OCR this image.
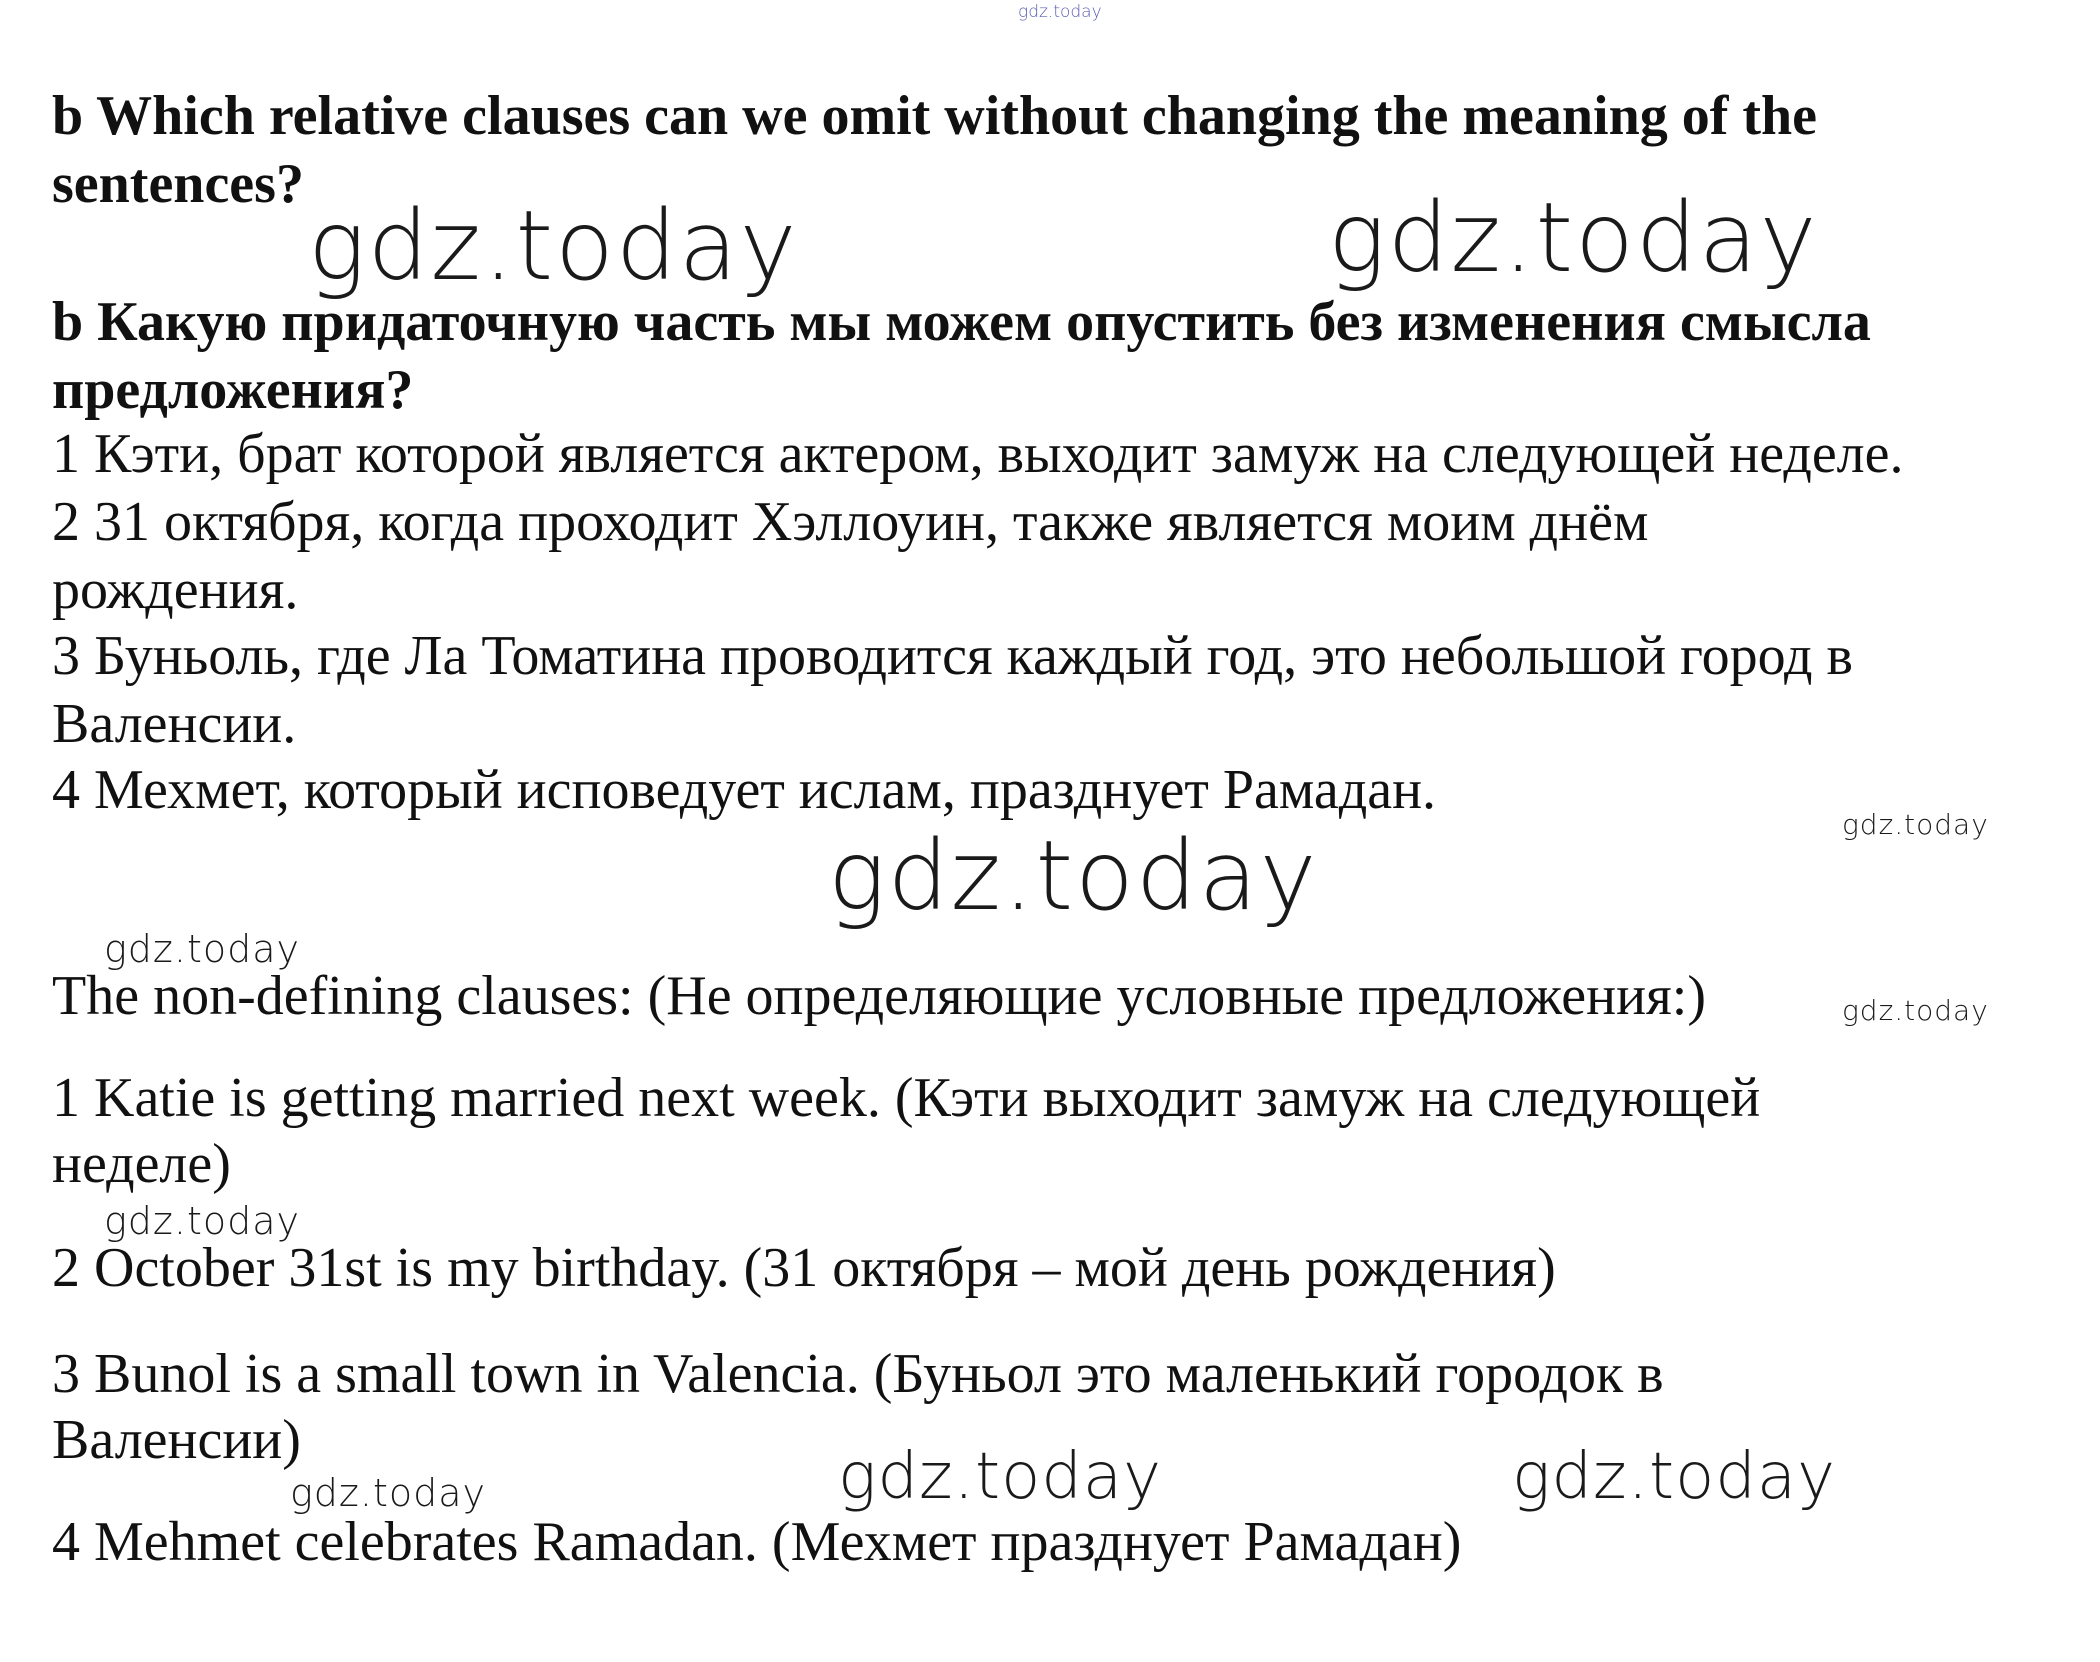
gdz.today
b Which relative clauses can we omit without changing the meaning of the
sentences?
gdz.today	gdz.today
b Какую придаточную часть мы можем опустить без изменения смысла
предложения?
1 Кэти, брат которой является актером, выходит замуж на следующей неделе.
2 31 октября, когда проходит Хэллоуин, также является моим днём
рождения.
3 Буньоль, где Ла Томатина проводится каждый год, это небольшой город в
Валенсии.
4 Мехмет, который исповедует ислам, празднует Рамадан.
gdz.today
gdz.today
gdz.today
The non-defining clauses: (Не определяющие условные предложения:)	gdz.today
1 Katie is getting married next week. (Кэти выходит замуж на следующей
неделе)
gdz.today
2 October 31st is my birthday. (31 октября – мой день рождения)
3 Bunol is a small town in Valencia. (Буньол это маленький городок в
Валенсии)	gdz.today	gdz.today
gdz.today
4 Mehmet celebrates Ramadan. (Мехмет празднует Рамадан)
